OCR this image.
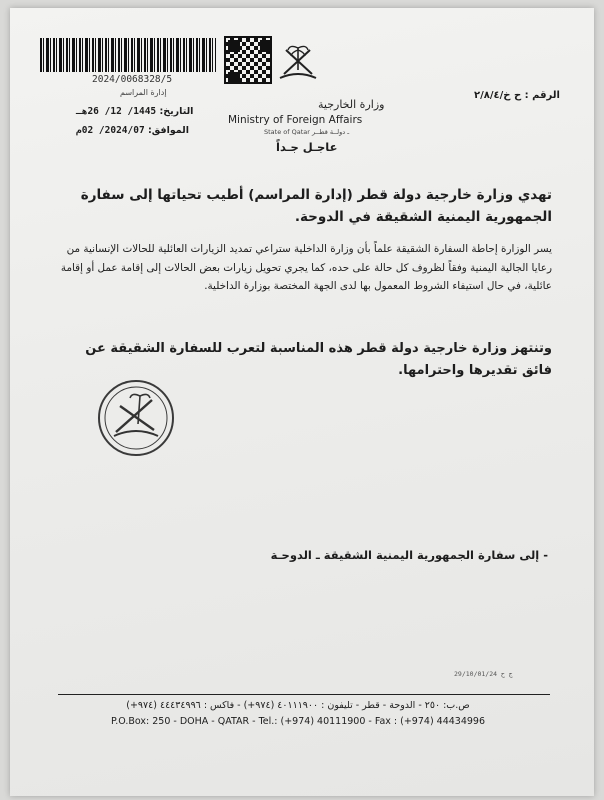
2024/0068328/5
إدارة المراسم
التاريخ: 1445/ 12/ 26هـ
الموافق: 2024/07/ 02م
وزارة الخارجية
Ministry of Foreign Affairs
State of Qatar ـ دولــة قطــر
عاجـل جـداً
الرقم : ح خ/٢/٨/٤
تهدي وزارة خارجية دولة قطر (إدارة المراسم) أطيب تحياتها إلى سفارة الجمهورية اليمنية الشقيقة في الدوحة.
يسر الوزارة إحاطة السفارة الشقيقة علماً بأن وزارة الداخلية ستراعي تمديد الزيارات العائلية للحالات الإنسانية من رعايا الجالية اليمنية وفقاً لظروف كل حالة على حده، كما يجري تحويل زيارات بعض الحالات إلى إقامة عمل أو إقامة عائلية، في حال استيفاء الشروط المعمول بها لدى الجهة المختصة بوزارة الداخلية.
وتنتهز وزارة خارجية دولة قطر هذه المناسبة لتعرب للسفارة الشقيقة عن فائق تقديرها واحترامها.
- إلى سفارة الجمهورية اليمنية الشقيقة ـ الدوحـة
29/10/01/24 ج ح
ص.ب: ٢٥٠ - الدوحة - قطر - تليفون : ٤٠١١١٩٠٠ (٩٧٤+) - فاكس : ٤٤٤٣٤٩٩٦ (٩٧٤+)
P.O.Box: 250 - DOHA - QATAR - Tel.: (+974) 40111900 - Fax : (+974) 44434996
